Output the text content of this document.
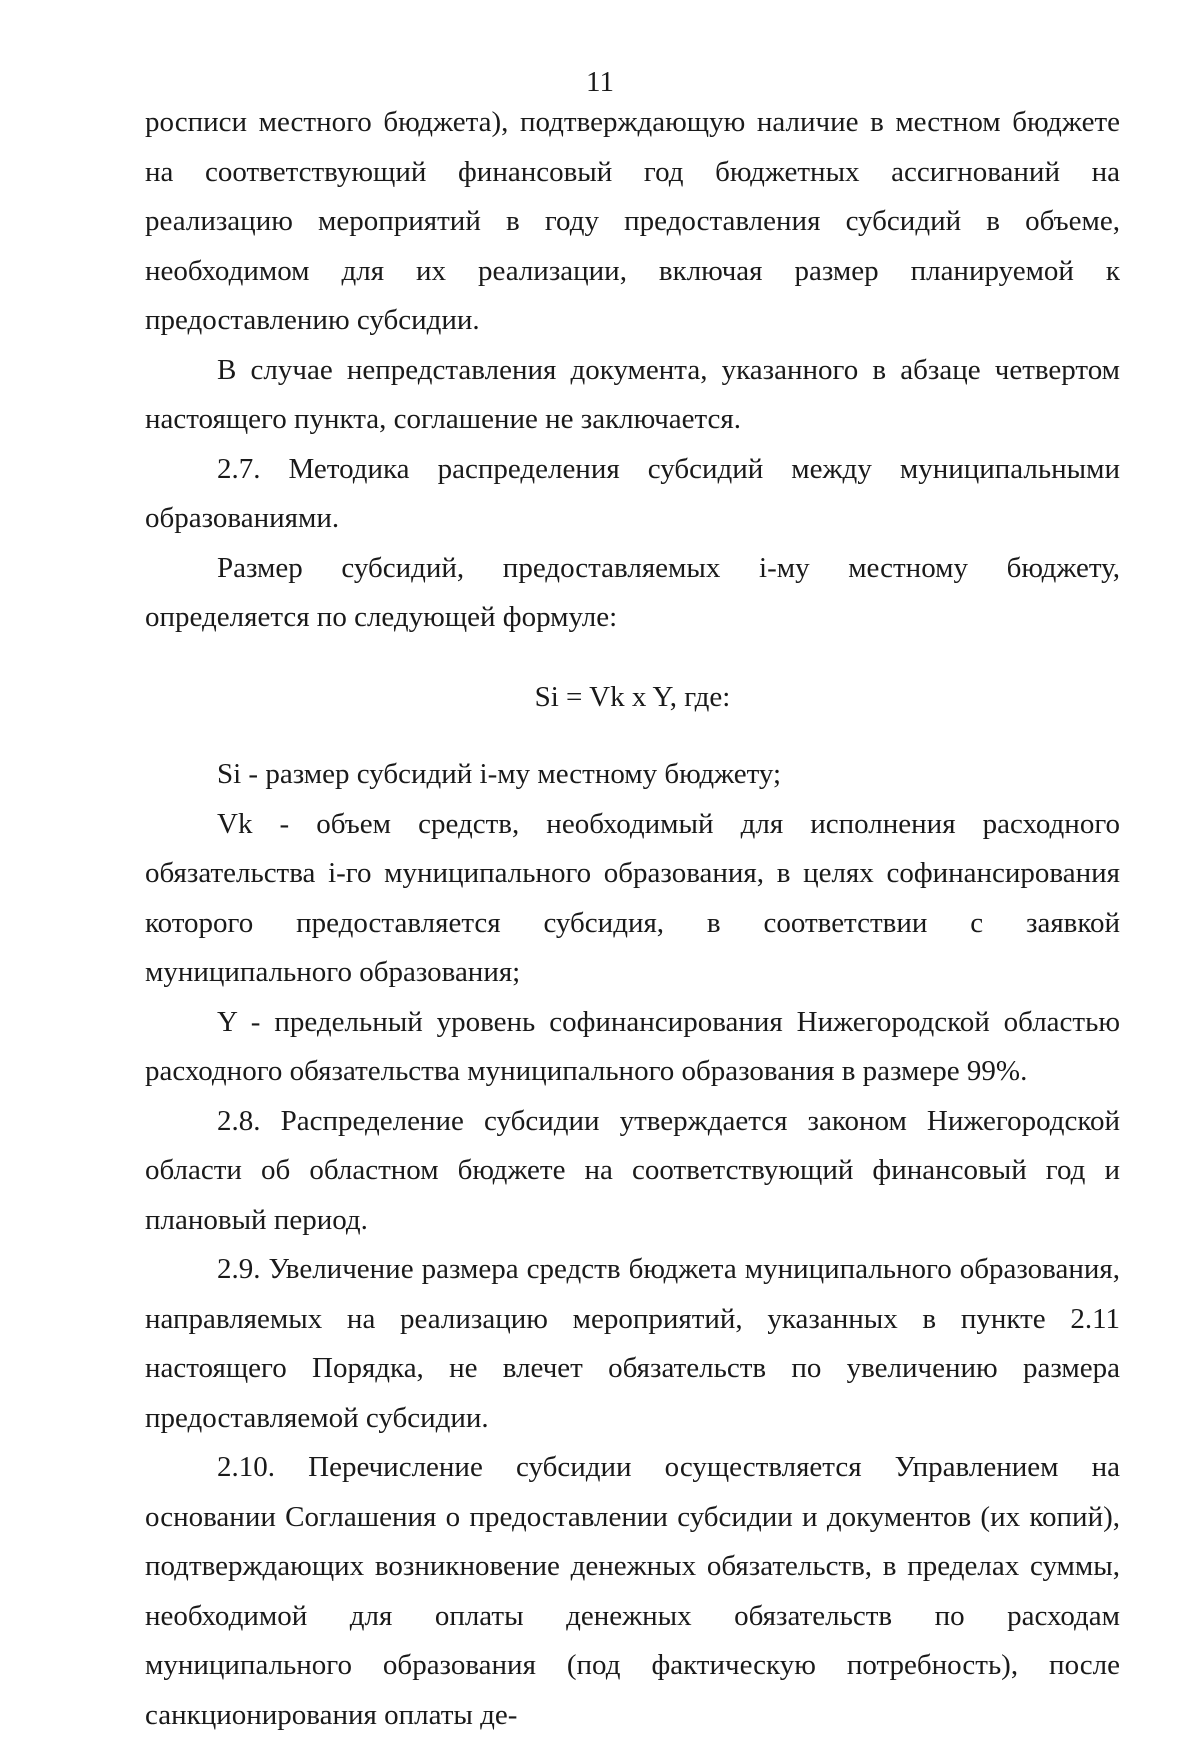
11

росписи местного бюджета), подтверждающую наличие в местном бюджете на соответствующий финансовый год бюджетных ассигнований на реализацию мероприятий в году предоставления субсидий в объеме, необходимом для их реализации, включая размер планируемой к предоставлению субсидии.

В случае непредставления документа, указанного в абзаце четвертом настоящего пункта, соглашение не заключается.

2.7. Методика распределения субсидий между муниципальными образованиями.

Размер субсидий, предоставляемых i-му местному бюджету, определяется по следующей формуле:

Si = Vk x Y, где:

Si - размер субсидий i-му местному бюджету;

Vk - объем средств, необходимый для исполнения расходного обязательства i-го муниципального образования, в целях софинансирования которого предоставляется субсидия, в соответствии с заявкой муниципального образования;

Y - предельный уровень софинансирования Нижегородской областью расходного обязательства муниципального образования в размере 99%.

2.8. Распределение субсидии утверждается законом Нижегородской области об областном бюджете на соответствующий финансовый год и плановый период.

2.9. Увеличение размера средств бюджета муниципального образования, направляемых на реализацию мероприятий, указанных в пункте 2.11 настоящего Порядка, не влечет обязательств по увеличению размера предоставляемой субсидии.

2.10. Перечисление субсидии осуществляется Управлением на основании Соглашения о предоставлении субсидии и документов (их копий), подтверждающих возникновение денежных обязательств, в пределах суммы, необходимой для оплаты денежных обязательств по расходам муниципального образования (под фактическую потребность), после санкционирования оплаты де-
